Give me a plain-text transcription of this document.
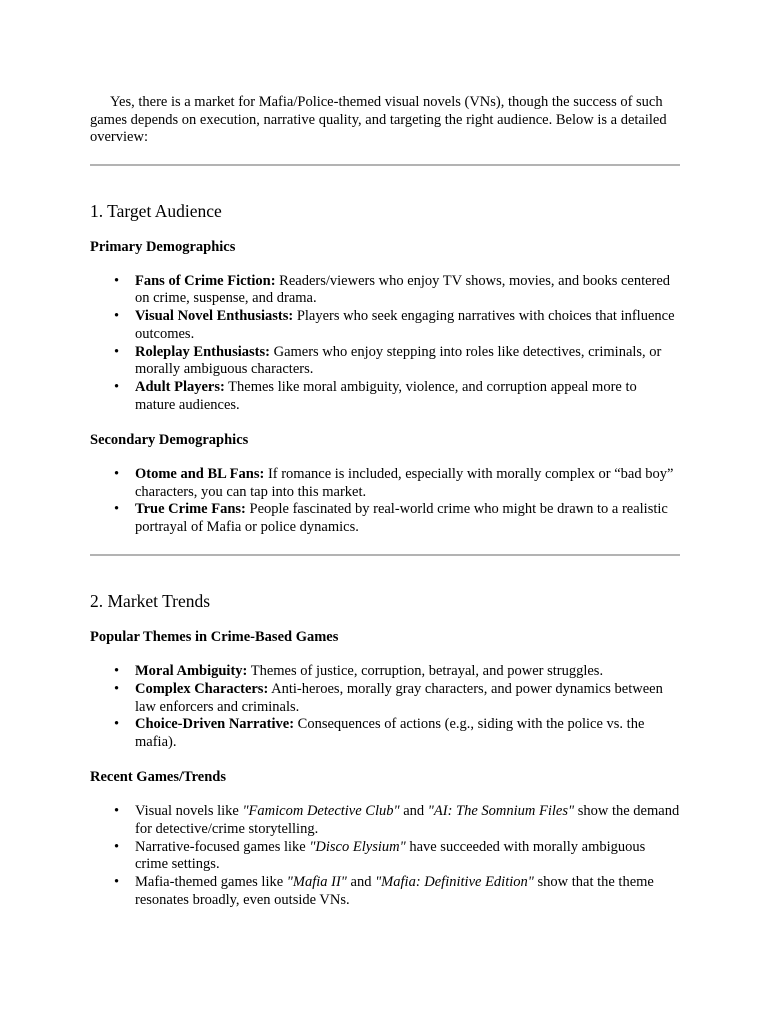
Yes, there is a market for Mafia/Police-themed visual novels (VNs), though the success of such games depends on execution, narrative quality, and targeting the right audience. Below is a detailed overview:

1. Target Audience
Primary Demographics
• Fans of Crime Fiction: Readers/viewers who enjoy TV shows, movies, and books centered on crime, suspense, and drama.
• Visual Novel Enthusiasts: Players who seek engaging narratives with choices that influence outcomes.
• Roleplay Enthusiasts: Gamers who enjoy stepping into roles like detectives, criminals, or morally ambiguous characters.
• Adult Players: Themes like moral ambiguity, violence, and corruption appeal more to mature audiences.
Secondary Demographics
• Otome and BL Fans: If romance is included, especially with morally complex or “bad boy” characters, you can tap into this market.
• True Crime Fans: People fascinated by real-world crime who might be drawn to a realistic portrayal of Mafia or police dynamics.
2. Market Trends
Popular Themes in Crime-Based Games
• Moral Ambiguity: Themes of justice, corruption, betrayal, and power struggles.
• Complex Characters: Anti-heroes, morally gray characters, and power dynamics between law enforcers and criminals.
• Choice-Driven Narrative: Consequences of actions (e.g., siding with the police vs. the mafia).
Recent Games/Trends
• Visual novels like "Famicom Detective Club" and "AI: The Somnium Files" show the demand for detective/crime storytelling.
• Narrative-focused games like "Disco Elysium" have succeeded with morally ambiguous crime settings.
• Mafia-themed games like "Mafia II" and "Mafia: Definitive Edition" show that the theme resonates broadly, even outside VNs.
